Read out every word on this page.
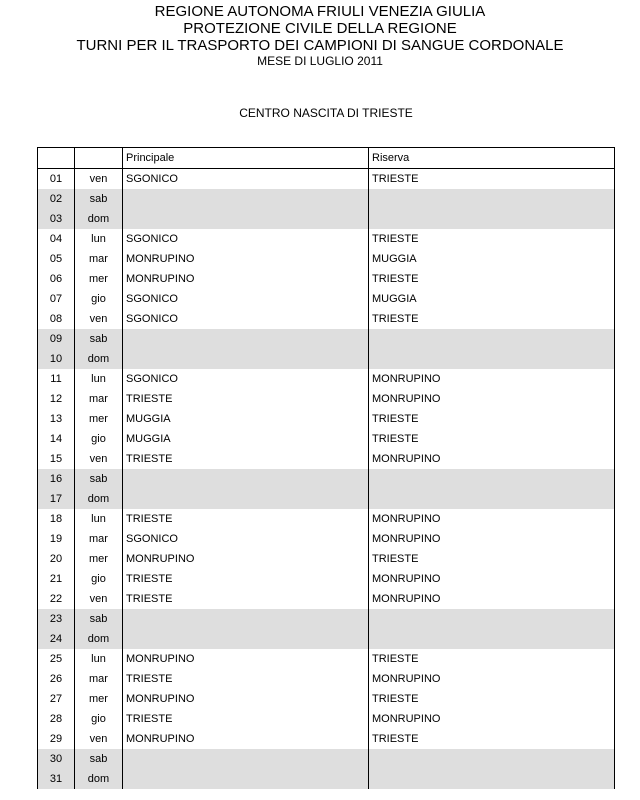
REGIONE AUTONOMA FRIULI VENEZIA GIULIA
PROTEZIONE CIVILE DELLA REGIONE
TURNI PER IL TRASPORTO DEI CAMPIONI DI SANGUE CORDONALE
MESE DI LUGLIO 2011
CENTRO NASCITA DI TRIESTE
		Principale	Riserva
01	ven	SGONICO	TRIESTE
02	sab		
03	dom		
04	lun	SGONICO	TRIESTE
05	mar	MONRUPINO	MUGGIA
06	mer	MONRUPINO	TRIESTE
07	gio	SGONICO	MUGGIA
08	ven	SGONICO	TRIESTE
09	sab		
10	dom		
11	lun	SGONICO	MONRUPINO
12	mar	TRIESTE	MONRUPINO
13	mer	MUGGIA	TRIESTE
14	gio	MUGGIA	TRIESTE
15	ven	TRIESTE	MONRUPINO
16	sab		
17	dom		
18	lun	TRIESTE	MONRUPINO
19	mar	SGONICO	MONRUPINO
20	mer	MONRUPINO	TRIESTE
21	gio	TRIESTE	MONRUPINO
22	ven	TRIESTE	MONRUPINO
23	sab		
24	dom		
25	lun	MONRUPINO	TRIESTE
26	mar	TRIESTE	MONRUPINO
27	mer	MONRUPINO	TRIESTE
28	gio	TRIESTE	MONRUPINO
29	ven	MONRUPINO	TRIESTE
30	sab		
31	dom		
